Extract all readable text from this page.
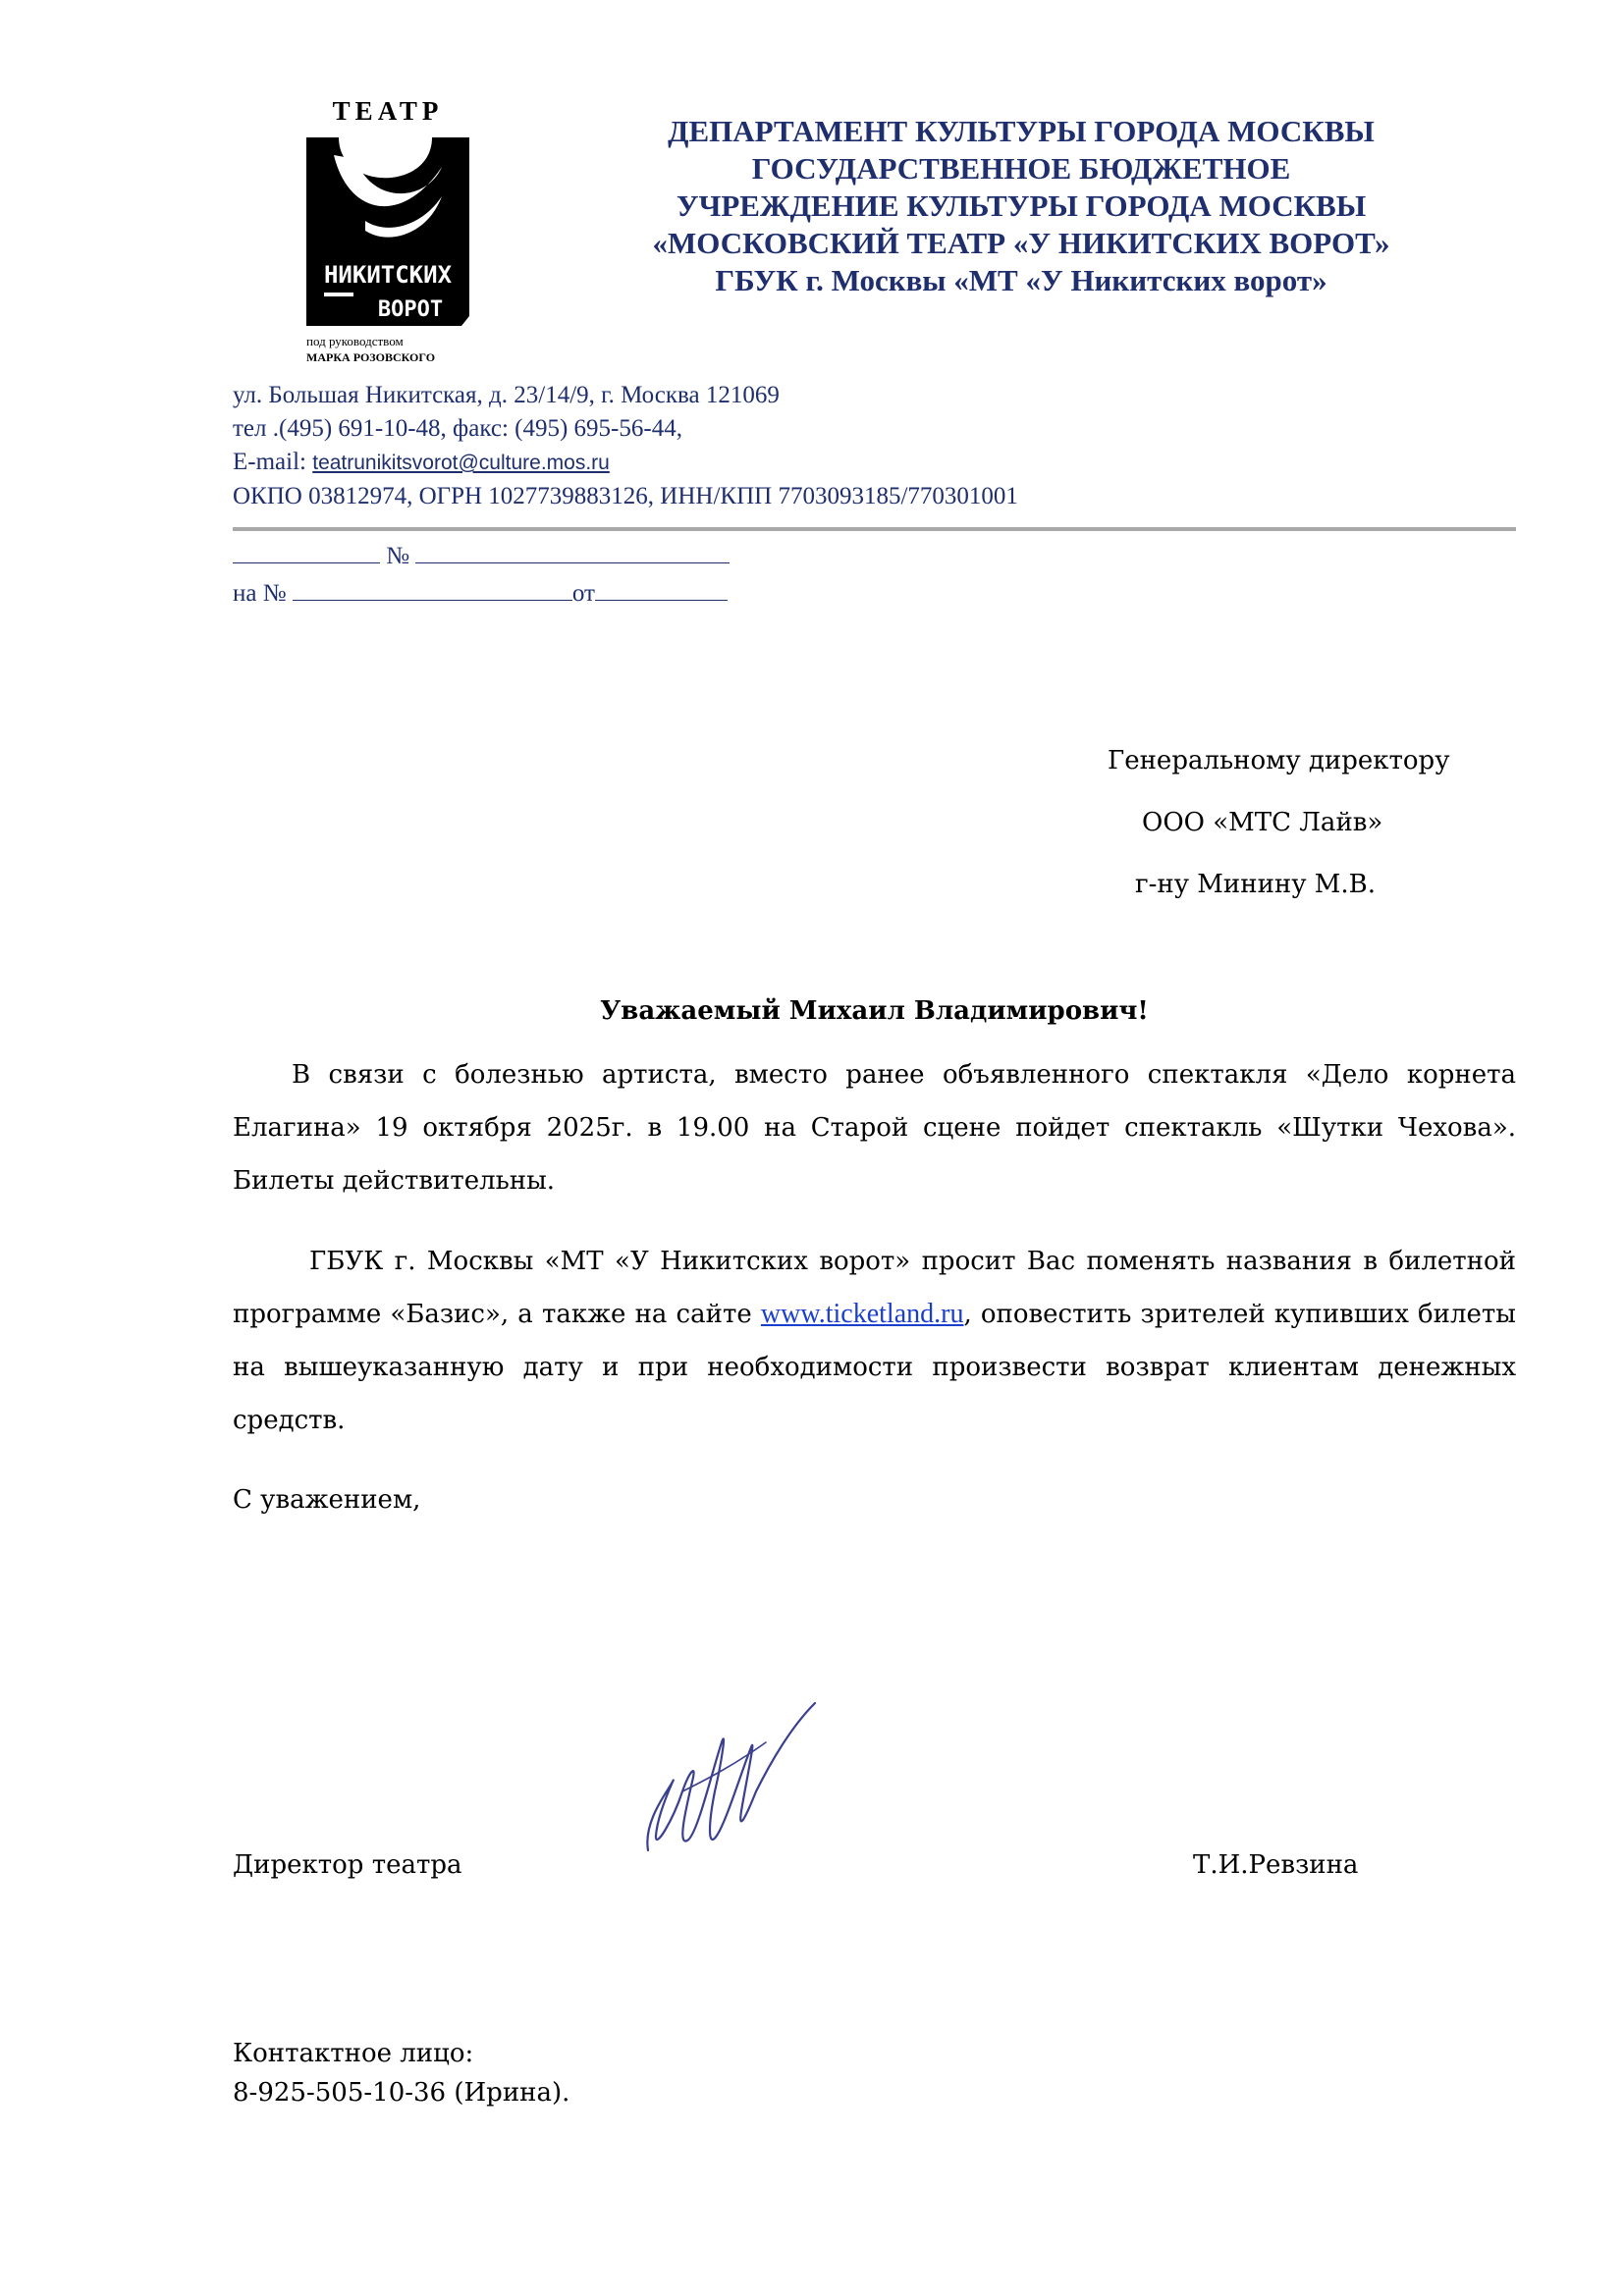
ТЕАТР
НИКИТСКИХ
ВОРОТ
под руководством
МАРКА РОЗОВСКОГО
ДЕПАРТАМЕНТ КУЛЬТУРЫ ГОРОДА МОСКВЫ
ГОСУДАРСТВЕННОЕ БЮДЖЕТНОЕ
УЧРЕЖДЕНИЕ КУЛЬТУРЫ ГОРОДА МОСКВЫ
«МОСКОВСКИЙ ТЕАТР «У НИКИТСКИХ ВОРОТ»
ГБУК г. Москвы «МТ «У Никитских ворот»
ул. Большая Никитская, д. 23/14/9, г. Москва 121069
тел .(495) 691-10-48, факс: (495) 695-56-44,
E-mail: teatrunikitsvorot@culture.mos.ru
ОКПО 03812974, ОГРН 1027739883126, ИНН/КПП 7703093185/770301001
№
на №	от
Генеральному директору
ООО «МТС Лайв»
г-ну Минину М.В.
Уважаемый Михаил Владимирович!
В связи с болезнью артиста, вместо ранее объявленного спектакля «Дело корнета Елагина» 19 октября 2025г. в 19.00 на Старой сцене пойдет спектакль «Шутки Чехова». Билеты действительны.
ГБУК г. Москвы «МТ «У Никитских ворот» просит Вас поменять названия в билетной программе «Базис», а также на сайте www.ticketland.ru, оповестить зрителей купивших билеты на вышеуказанную дату и при необходимости произвести возврат клиентам денежных средств.
С уважением,
Директор театра	Т.И.Ревзина
Контактное лицо:
8-925-505-10-36 (Ирина).
